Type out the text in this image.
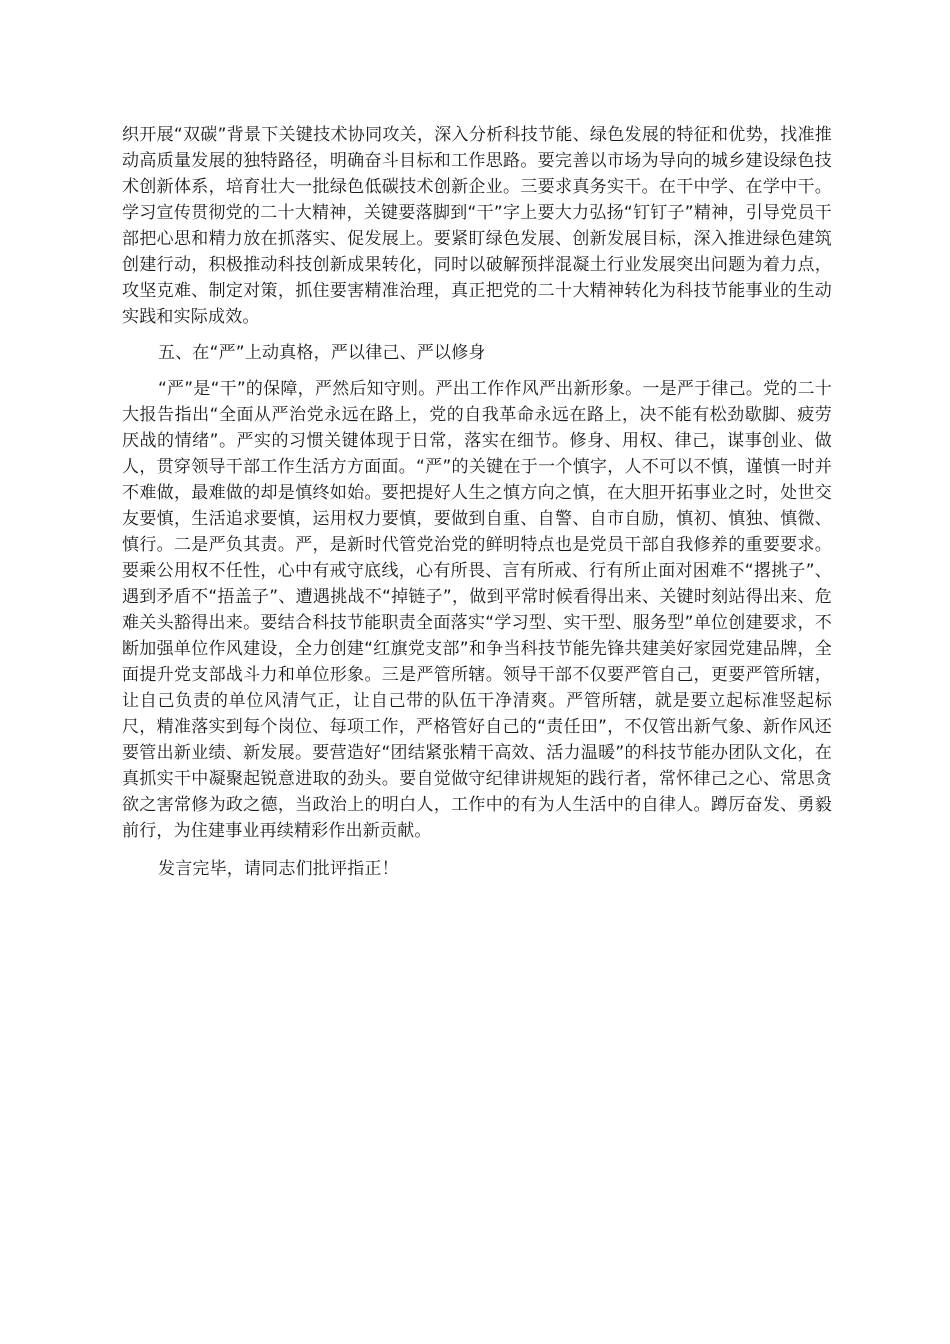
织开展“双碳”背景下关键技术协同攻关，深入分析科技节能、绿色发展的特征和优势，找准推动高质量发展的独特路径，明确奋斗目标和工作思路。要完善以市场为导向的城乡建设绿色技术创新体系，培育壮大一批绿色低碳技术创新企业。三要求真务实干。在干中学、在学中干。学习宣传贯彻党的二十大精神，关键要落脚到“干”字上要大力弘扬“钉钉子”精神，引导党员干部把心思和精力放在抓落实、促发展上。要紧盯绿色发展、创新发展目标，深入推进绿色建筑创建行动，积极推动科技创新成果转化，同时以破解预拌混凝土行业发展突出问题为着力点，攻坚克难、制定对策，抓住要害精准治理，真正把党的二十大精神转化为科技节能事业的生动实践和实际成效。

五、在“严”上动真格，严以律己、严以修身

“严”是“干”的保障，严然后知守则。严出工作作风严出新形象。一是严于律己。党的二十大报告指出“全面从严治党永远在路上，党的自我革命永远在路上，决不能有松劲歇脚、疲劳厌战的情绪”。严实的习惯关键体现于日常，落实在细节。修身、用权、律己，谋事创业、做人，贯穿领导干部工作生活方方面面。“严”的关键在于一个慎字，人不可以不慎，谨慎一时并不难做，最难做的却是慎终如始。要把提好人生之慎方向之慎，在大胆开拓事业之时，处世交友要慎，生活追求要慎，运用权力要慎，要做到自重、自警、自市自励，慎初、慎独、慎微、慎行。二是严负其责。严，是新时代管党治党的鲜明特点也是党员干部自我修养的重要要求。要乘公用权不任性，心中有戒守底线，心有所畏、言有所戒、行有所止面对困难不“撂挑子”、遇到矛盾不“捂盖子”、遭遇挑战不“掉链子”，做到平常时候看得出来、关键时刻站得出来、危难关头豁得出来。要结合科技节能职责全面落实“学习型、实干型、服务型”单位创建要求，不断加强单位作风建设，全力创建“红旗党支部”和争当科技节能先锋共建美好家园党建品牌，全面提升党支部战斗力和单位形象。三是严管所辖。领导干部不仅要严管自己，更要严管所辖，让自己负责的单位风清气正，让自己带的队伍干净清爽。严管所辖，就是要立起标准竖起标尺，精准落实到每个岗位、每项工作，严格管好自己的“责任田”，不仅管出新气象、新作风还要管出新业绩、新发展。要营造好“团结紧张精干高效、活力温暖”的科技节能办团队文化，在真抓实干中凝聚起锐意进取的劲头。要自觉做守纪律讲规矩的践行者，常怀律己之心、常思贪欲之害常修为政之德，当政治上的明白人，工作中的有为人生活中的自律人。蹲厉奋发、勇毅前行，为住建事业再续精彩作出新贡献。

发言完毕，请同志们批评指正！
